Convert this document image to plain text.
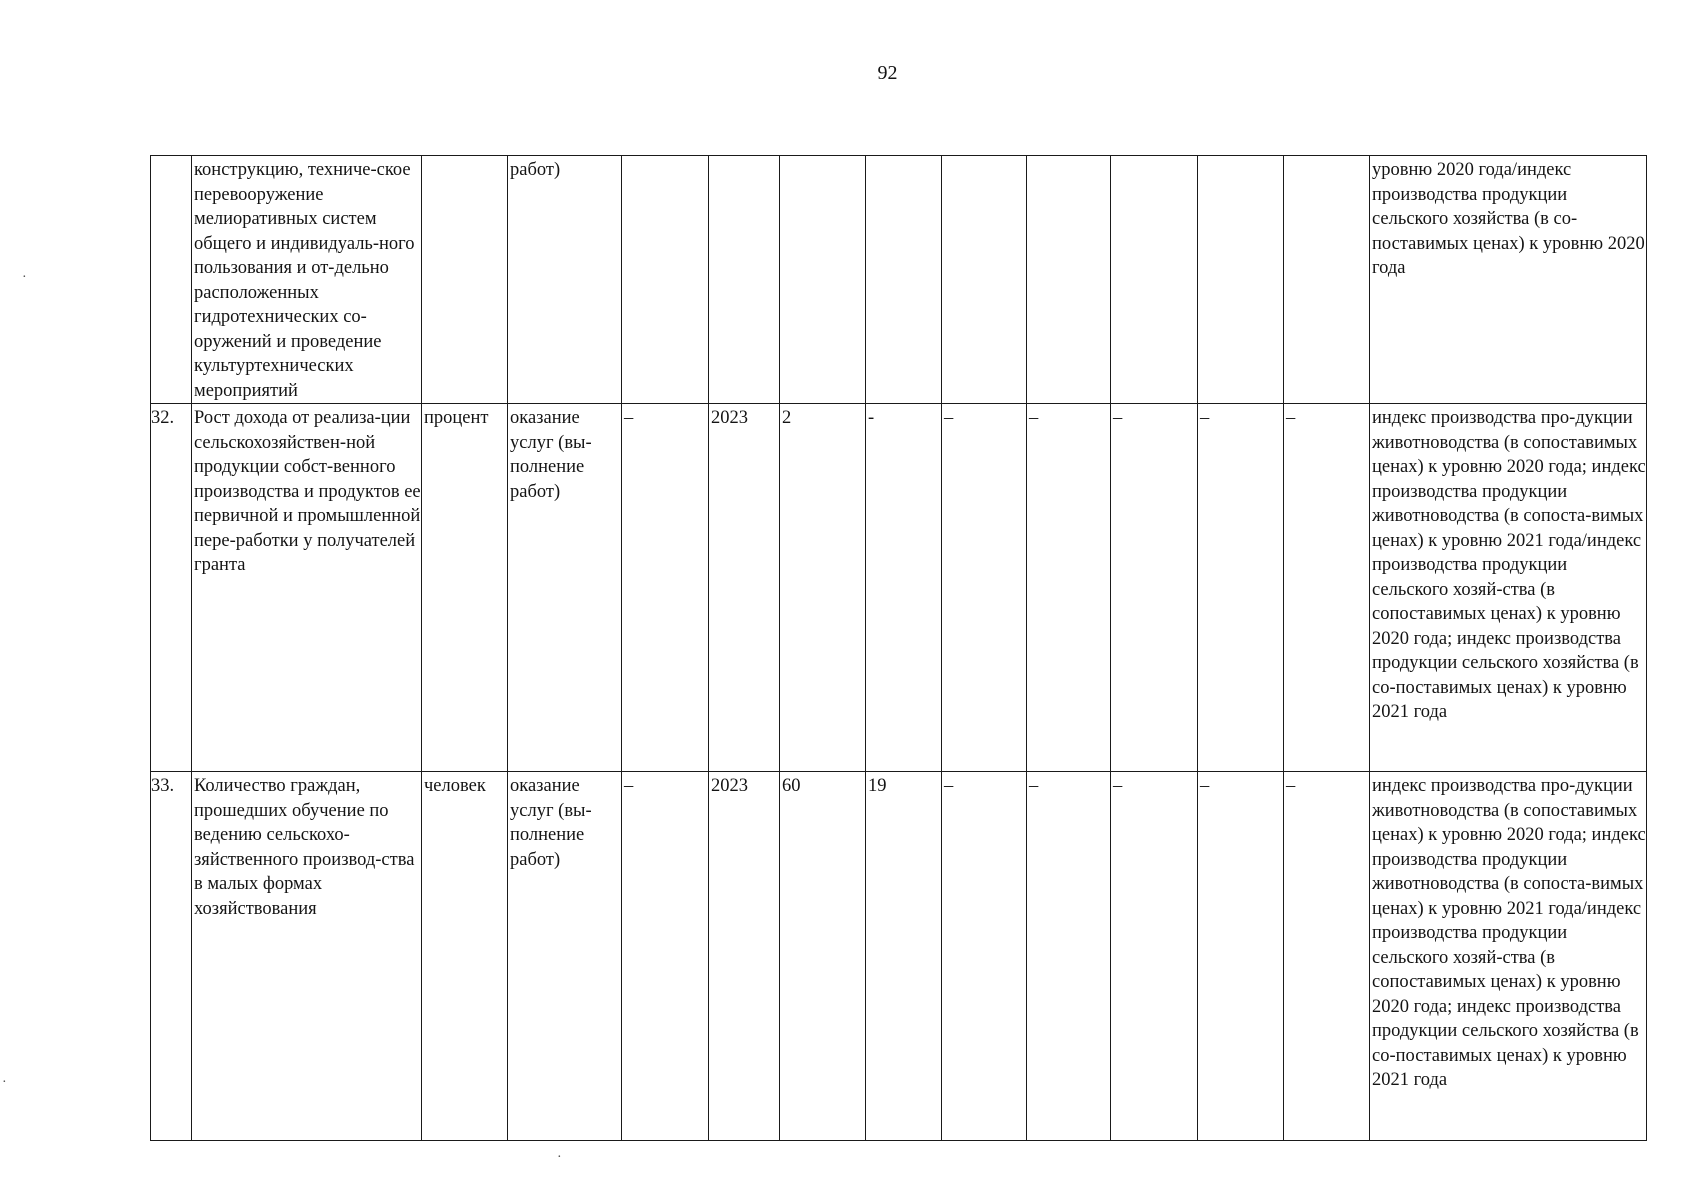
92
	конструкцию, техниче-ское перевооружение мелиоративных систем общего и индивидуаль-ного пользования и от-дельно расположенных гидротехнических со-оружений и проведение культуртехнических мероприятий		работ)										уровню 2020 года/индекс производства продукции сельского хозяйства (в со-поставимых ценах) к уровню 2020 года
32.	Рост дохода от реализа-ции сельскохозяйствен-ной продукции собст-венного производства и продуктов ее первичной и промышленной пере-работки у получателей гранта	процент	оказание услуг (вы-полнение работ)	–	2023	2	-	–	–	–	–	–	индекс производства про-дукции животноводства (в сопоставимых ценах) к уровню 2020 года; индекс производства продукции животноводства (в сопоста-вимых ценах) к уровню 2021 года/индекс производства продукции сельского хозяй-ства (в сопоставимых ценах) к уровню 2020 года; индекс производства продукции сельского хозяйства (в со-поставимых ценах) к уровню 2021 года
33.	Количество граждан, прошедших обучение по ведению сельскохо-зяйственного производ-ства в малых формах хозяйствования	человек	оказание услуг (вы-полнение работ)	–	2023	60	19	–	–	–	–	–	индекс производства про-дукции животноводства (в сопоставимых ценах) к уровню 2020 года; индекс производства продукции животноводства (в сопоста-вимых ценах) к уровню 2021 года/индекс производства продукции сельского хозяй-ства (в сопоставимых ценах) к уровню 2020 года; индекс производства продукции сельского хозяйства (в со-поставимых ценах) к уровню 2021 года
·
·
·
